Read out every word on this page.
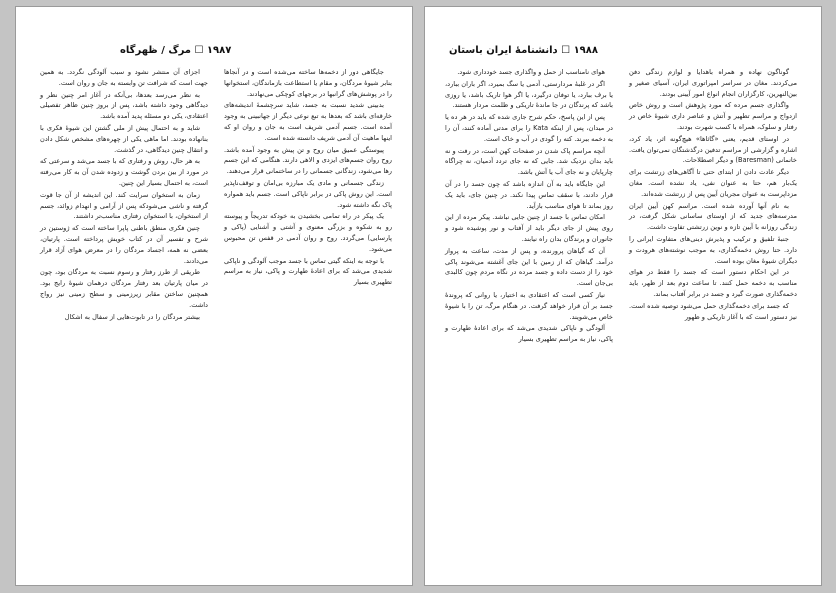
۱۹۸۷ ☐ مرگ / ظهرگاه

جایگاهی دور از دخمه‌ها ساخته می‌شده است و در آنجاها بنابر شیوۀ مردگان، و مقام یا استطاعت بازماندگان، استخوانها را در پوشش‌های گرانبها در برجهای کوچکی می‌نهادند.

بدبینی شدید نسبت به جسد، شاید سرچشمۀ اندیشه‌های خارقه‌ای باشد که بعدها به تبع نوعی دیگر از جهانبینی به وجود آمده است. جسم آدمی شریف است به جان و روان او که اینها ماهیت آن آدمی شریف دانسته شده است.

پیوستگی عمیق میان روح و تن پیش به وجود آمده باشد. روح روان جسم‌های ایزدی و الاهی دارند. هنگامی که این جسم رها می‌شود، زندگانی جسمانی را در ساختمانی قرار می‌دهند.

زندگی جسمانی و مادی یک مبارزه بی‌امان و توقف‌ناپذیر است. این روش پاکی در برابر ناپاکی است. جسم باید همواره پاک نگه داشته شود.

یک پیکر در راه تمامی بخشیدن به خودکه تدریجاً و پیوسته رو به شکوه و بزرگی معنوی و آشتی و آشنایی (پاکی و پارسایی) می‌گردد. روح و روان آدمی در قفس تن محبوس می‌شود.

با توجه به اینکه گیتی تماس با جسد موجب آلودگی و ناپاکی شدیدی می‌شد که برای اعادۀ طهارت و پاکی، نیاز به مراسم تطهیری بسیار

اجزای آن منتشر نشود و سبب آلودگی نگردد. به همین جهت است که شرافت تن وابسته به جان و روان است.

به نظر می‌رسد بعدها، بی‌آنکه در آغاز امر چنین نظر و دیدگاهی وجود داشته باشد، پس از بروز چنین ظاهر تفصیلی اعتقادی، یکی دو مسئله پدید آمده باشد.

شاید و به احتمال پیش از ملی گشتن این شیوۀ فکری با بنانهاده بودند. اما ماهی یکی از چهره‌های مشخص شکل دادن و انتقال چنین دیدگاهی، در گذشت.

به هر حال، روش و رفتاری که با جسد می‌شد و سرعتی که در مورد از بین بردن گوشت و زدوده شدن آن به کار می‌رفته است، به احتمال بسیار این چنین.

زمان به استخوان سرایت کند. این اندیشه از آن جا قوت گرفته و ناشی می‌شودکه پس از آرامی و انهدام زوائد، جسم از استخوان، با استخوان رفتاری مناسب‌تر داشتند.

چنین فکری منطق باطنی پاپرا ساخته است که ژوستین در شرح و تفسیر آن در کتاب خویش پرداخته است. پارتیان، بعضی نه همه، اجساد مردگان را در معرض هوای آزاد قرار می‌دادند.

طریقی از طرز رفتار و رسوم نسبت به مردگان بود، چون در میان پارتیان بعد رفتار مردگان درهمان شیوۀ رایج بود. همچنین ساختن مقابر زیرزمینی و سطح زمینی نیز رواج داشت.

بیشتر مردگان را در تابوت‌هایی از سفال به اشکال

۱۹۸۸ ☐ دانشنامۀ ایران باستان

گوناگون نهاده و همراه باهدایا و لوازم زندگی دفن می‌کردند. مغان در سراسر امپراتوری ایران، آسیای صغیر و بین‌النهرین، کارگزاران انجام انواع امور آیینی بودند.

واگذاری جسم مرده که مورد پژوهش است و روش خاص ازدواج و مراسم تطهیر و آتش و عناصر داری شیوۀ خاص در رفتار و سلوک، همراه با کسب شهرت بودند.

در اوستای قدیم، یعنی «گاثاها» هیچ‌گونه اثر، یاد کرد، اشاره و گزارشی از مراسم تدفین درگذشتگان نمی‌توان یافت. خانمانی (Baresman) و دیگر اصطلاحات.

دیگر عادت دادن از ابتدای حتی تا آگاهی‌های زرتشت برای یک‌بار هم، حتا به عنوان نفی، یاد نشده است. مغان مزداپرست به عنوان مجریان آیین پس از زرتشت شده‌اند.

به نام آنها آورده شده است. مراسم کهن آیین ایران مدرسه‌های جدید که از اوستای ساسانی شکل گرفت، در زندگی روزانه با آیین تازه و نوین زرتشتی تفاوت داشت.

جنبۀ تلفیق و ترکیب و پذیرش دینی‌های متفاوت ایرانی را دارد. حتا روش دخمه‌گذاری، به موجب نوشته‌های هرودت و دیگران شیوۀ مغان بوده است.

در این احکام دستور است که جسد را فقط در هوای مناسب به دخمه حمل کنند. تا ساعت دوم بعد از ظهر، باید دخمه‌گذاری صورت گیرد و جسد در برابر آفتاب بماند.

که جسد برای دخمه‌گذاری حمل می‌شود توصیه شده است. نیز دستور است که با آغاز تاریکی و ظهور

هوای نامناسب از حمل و واگذاری جسد خودداری شود.

اگر در غلبۀ مردارستی، آدمی یا سگ بمیرد، اگر باران ببارد، یا برف ببارد، یا توفان درگیرد، یا اگر هوا تاریک باشد، یا روزی باشد که پرندگان در جا ماندۀ تاریکی و ظلمت مردار هستند.

پس از این پاسخ، حکم شرح جاری شده که باید در هر ده یا در میدان، پس از اینکه Kata را برای مدتی آماده کنند، آن را به دخمه ببرند. کته را گودی در آب و خاک است.

آنچه مراسم پاک شدن در صفحات کهن است، در رفت و نه باید بدان نزدیک شد. جایی که نه جای تردد آدمیان، نه چراگاه چارپایان و نه جای آب یا آتش باشد.

این جایگاه باید به آن اندازه باشد که چون جسد را در آن قرار دادند، با سقف تماس پیدا نکند. در چنین جای، باید یک روز بماند تا هوای مناسب بازآید.

امکان تماس با جسد از چنین جایی نباشد. پیکر مرده از این روی پیش از جای دیگر باید از آفتاب و نور پوشیده شود و جانوران و پرندگان بدان راه نیابند.

آن که گیاهان پرورنده، و پس از مدت، ساعت به پرواز درآمد. گیاهان که از زمین با این جای آغشته می‌شوند پاکی خود را از دست داده و جسد مرده در نگاه مردم چون کالبدی بی‌جان است.

نیاز کسی است که اعتقادی به اختیار، یا روانی که پروندۀ جسد بر آن قرار خواهد گرفت. در هنگام مرگ، تن را با شیوۀ خاص می‌شویند.

آلودگی و ناپاکی شدیدی می‌شد که برای اعادۀ طهارت و پاکی، نیاز به مراسم تطهیری بسیار
